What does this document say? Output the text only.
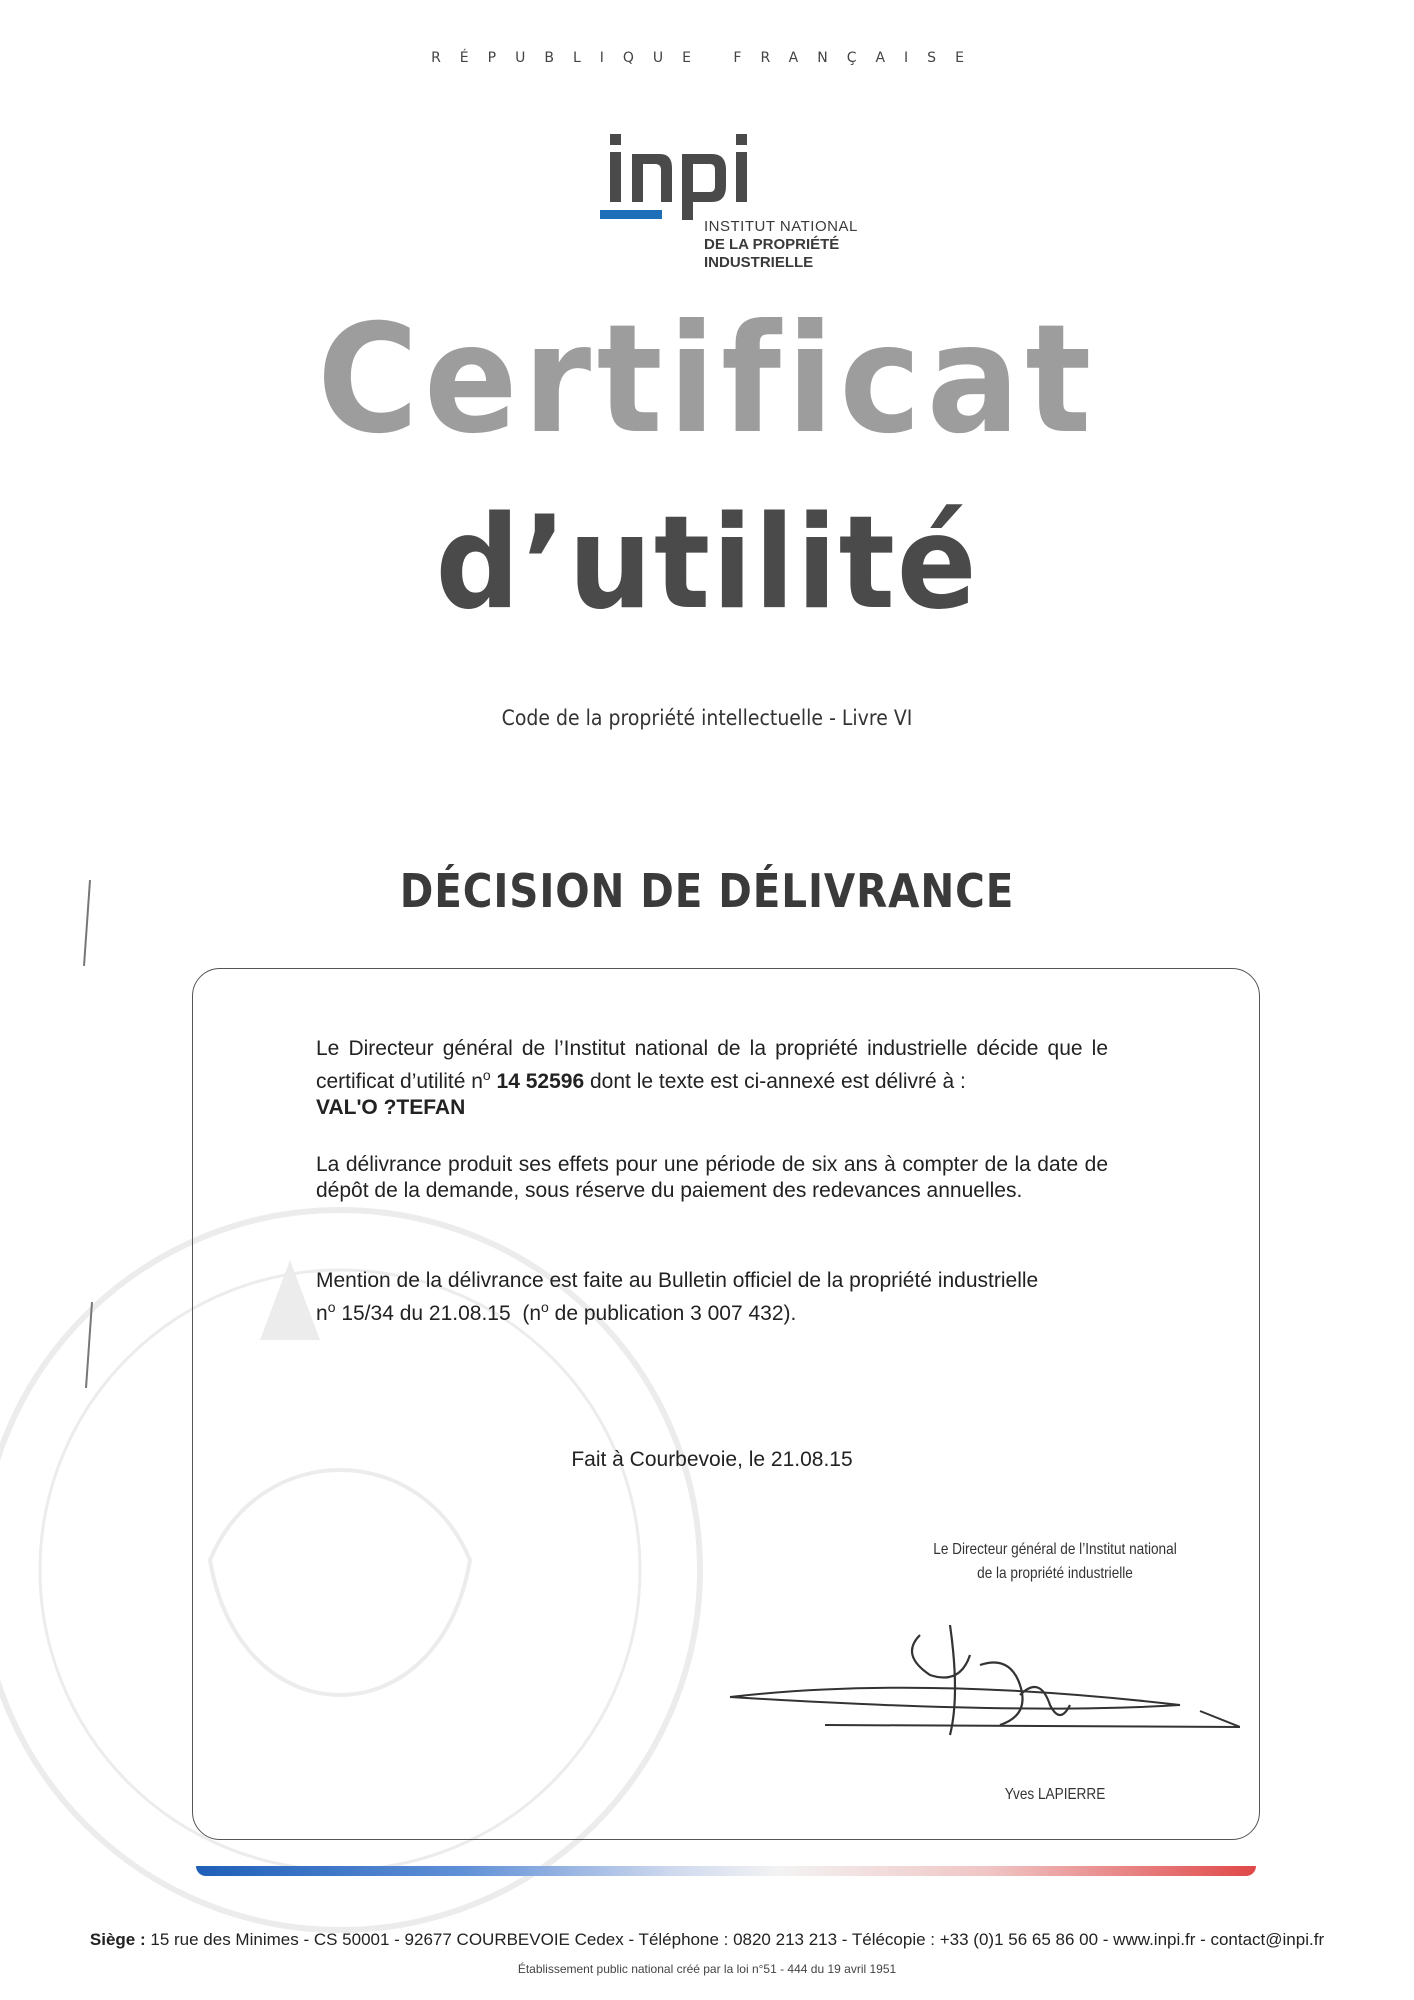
RÉPUBLIQUE FRANÇAISE
INSTITUT NATIONAL
DE LA PROPRIÉTÉ
INDUSTRIELLE
Certificat
d’utilité
Code de la propriété intellectuelle - Livre VI
DÉCISION DE DÉLIVRANCE
Le Directeur général de l’Institut national de la propriété industrielle décide que le certificat d’utilité $n^o$ 14 52596 dont le texte est ci-annexé est délivré à :
VAL'O ?TEFAN
La délivrance produit ses effets pour une période de six ans à compter de la date de dépôt de la demande, sous réserve du paiement des redevances annuelles.
Mention de la délivrance est faite au Bulletin officiel de la propriété industrielle
$n^o$ 15/34 du 21.08.15 ($n^o$ de publication 3 007 432).
Fait à Courbevoie, le 21.08.15
Le Directeur général de l’Institut national
de la propriété industrielle
Yves LAPIERRE
Siège : 15 rue des Minimes - CS 50001 - 92677 COURBEVOIE Cedex - Téléphone : 0820 213 213 - Télécopie : +33 (0)1 56 65 86 00 - www.inpi.fr - contact@inpi.fr
Établissement public national créé par la loi n°51 - 444 du 19 avril 1951
